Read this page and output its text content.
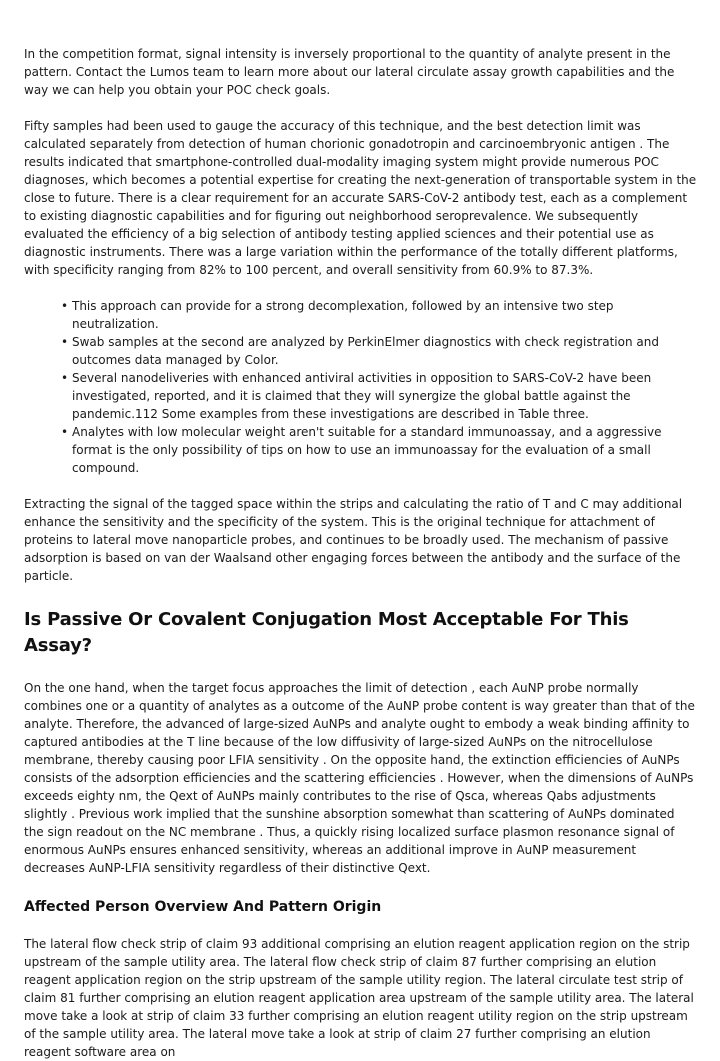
In the competition format, signal intensity is inversely proportional to the quantity of analyte present in the pattern. Contact the Lumos team to learn more about our lateral circulate assay growth capabilities and the way we can help you obtain your POC check goals.

Fifty samples had been used to gauge the accuracy of this technique, and the best detection limit was calculated separately from detection of human chorionic gonadotropin and carcinoembryonic antigen . The results indicated that smartphone-controlled dual-modality imaging system might provide numerous POC diagnoses, which becomes a potential expertise for creating the next-generation of transportable system in the close to future. There is a clear requirement for an accurate SARS-CoV-2 antibody test, each as a complement to existing diagnostic capabilities and for figuring out neighborhood seroprevalence. We subsequently evaluated the efficiency of a big selection of antibody testing applied sciences and their potential use as diagnostic instruments. There was a large variation within the performance of the totally different platforms, with specificity ranging from 82% to 100 percent, and overall sensitivity from 60.9% to 87.3%.

• This approach can provide for a strong decomplexation, followed by an intensive two step neutralization.
• Swab samples at the second are analyzed by PerkinElmer diagnostics with check registration and outcomes data managed by Color.
• Several nanodeliveries with enhanced antiviral activities in opposition to SARS-CoV-2 have been investigated, reported, and it is claimed that they will synergize the global battle against the pandemic.112 Some examples from these investigations are described in Table three.
• Analytes with low molecular weight aren't suitable for a standard immunoassay, and a aggressive format is the only possibility of tips on how to use an immunoassay for the evaluation of a small compound.

Extracting the signal of the tagged space within the strips and calculating the ratio of T and C may additional enhance the sensitivity and the specificity of the system. This is the original technique for attachment of proteins to lateral move nanoparticle probes, and continues to be broadly used. The mechanism of passive adsorption is based on van der Waalsand other engaging forces between the antibody and the surface of the particle.

Is Passive Or Covalent Conjugation Most Acceptable For This Assay?

On the one hand, when the target focus approaches the limit of detection , each AuNP probe normally combines one or a quantity of analytes as a outcome of the AuNP probe content is way greater than that of the analyte. Therefore, the advanced of large-sized AuNPs and analyte ought to embody a weak binding affinity to captured antibodies at the T line because of the low diffusivity of large-sized AuNPs on the nitrocellulose membrane, thereby causing poor LFIA sensitivity . On the opposite hand, the extinction efficiencies of AuNPs consists of the adsorption efficiencies and the scattering efficiencies . However, when the dimensions of AuNPs exceeds eighty nm, the Qext of AuNPs mainly contributes to the rise of Qsca, whereas Qabs adjustments slightly . Previous work implied that the sunshine absorption somewhat than scattering of AuNPs dominated the sign readout on the NC membrane . Thus, a quickly rising localized surface plasmon resonance signal of enormous AuNPs ensures enhanced sensitivity, whereas an additional improve in AuNP measurement decreases AuNP-LFIA sensitivity regardless of their distinctive Qext.

Affected Person Overview And Pattern Origin

The lateral flow check strip of claim 93 additional comprising an elution reagent application region on the strip upstream of the sample utility area. The lateral flow check strip of claim 87 further comprising an elution reagent application region on the strip upstream of the sample utility region. The lateral circulate test strip of claim 81 further comprising an elution reagent application area upstream of the sample utility area. The lateral move take a look at strip of claim 33 further comprising an elution reagent utility region on the strip upstream of the sample utility area. The lateral move take a look at strip of claim 27 further comprising an elution reagent software area on
